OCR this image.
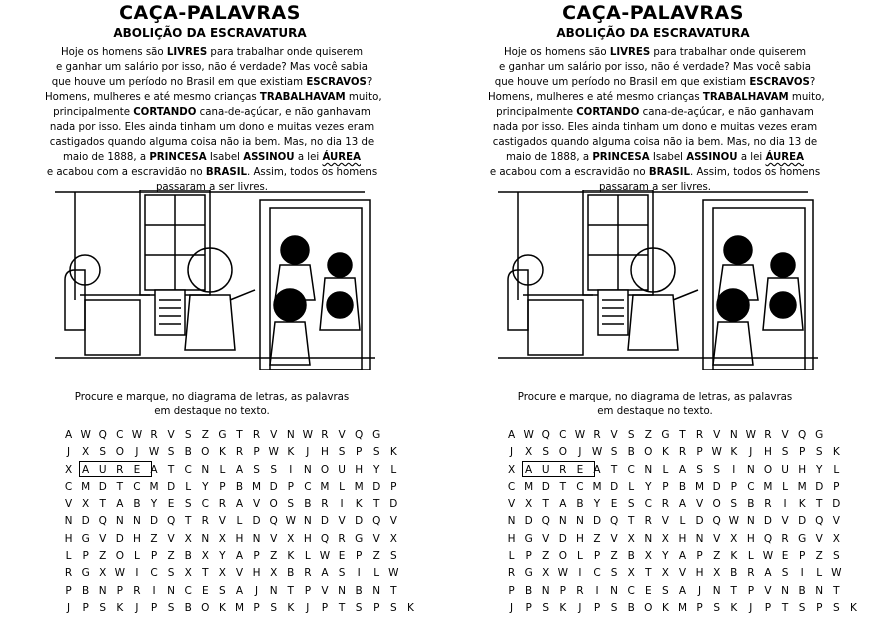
CAÇA-PALAVRAS
ABOLIÇÃO DA ESCRAVATURA
Hoje os homens são LIVRES para trabalhar onde quiserem
e ganhar um salário por isso, não é verdade? Mas você sabia
que houve um período no Brasil em que existiam ESCRAVOS?
Homens, mulheres e até mesmo crianças TRABALHAVAM muito,
principalmente CORTANDO cana-de-açúcar, e não ganhavam
nada por isso. Eles ainda tinham um dono e muitas vezes eram
castigados quando alguma coisa não ia bem. Mas, no dia 13 de
maio de 1888, a PRINCESA Isabel ASSINOU a lei ÁUREA
e acabou com a escravidão no BRASIL. Assim, todos os homens
passaram a ser livres.
Procure e marque, no diagrama de letras, as palavras
em destaque no texto.
A W Q C W R V S Z G T R V N W R V Q G
J	X S O	J W S B O K R P W K	J	H S	P	S K
X A U R E A T C N L	A S S	I	N O U H Y	L
C M D T C M D L	Y	P B M D P C M L M D P
V X T A B Y	E S C R A V O S B R	I	K T D
N D Q N N D Q T R V	L D Q W N D V D Q V
H G V D H Z V X N X H N V X H Q R G V X
L	P Z O L	P Z B X Y A P Z K	L W E	P Z S
R G X W I	C S X T X V H X B R A S	I	L W
P B N P R	I	N C E S A	J	N T	P V N B N T
J	P	S K	J	P	S B O K M P	S K	J	P	T	S	P	S K
CAÇA-PALAVRAS
ABOLIÇÃO DA ESCRAVATURA
Hoje os homens são LIVRES para trabalhar onde quiserem
e ganhar um salário por isso, não é verdade? Mas você sabia
que houve um período no Brasil em que existiam ESCRAVOS?
Homens, mulheres e até mesmo crianças TRABALHAVAM muito,
principalmente CORTANDO cana-de-açúcar, e não ganhavam
nada por isso. Eles ainda tinham um dono e muitas vezes eram
castigados quando alguma coisa não ia bem. Mas, no dia 13 de
maio de 1888, a PRINCESA Isabel ASSINOU a lei ÁUREA
e acabou com a escravidão no BRASIL. Assim, todos os homens
passaram a ser livres.
Procure e marque, no diagrama de letras, as palavras
em destaque no texto.
A W Q C W R V S Z G T R V N W R V Q G
J	X S O	J W S B O K R P W K	J	H S	P	S K
X A U R E A T C N L	A S S	I	N O U H Y	L
C M D T C M D L	Y	P B M D P C M L M D P
V X T A B Y	E S C R A V O S B R	I	K T D
N D Q N N D Q T R V	L D Q W N D V D Q V
H G V D H Z V X N X H N V X H Q R G V X
L	P Z O L	P Z B X Y A P Z K	L W E	P Z S
R G X W I	C S X T X V H X B R A S	I	L W
P B N P R	I	N C E S A	J	N T	P V N B N T
J	P	S K	J	P	S B O K M P	S K	J	P	T	S	P	S K
